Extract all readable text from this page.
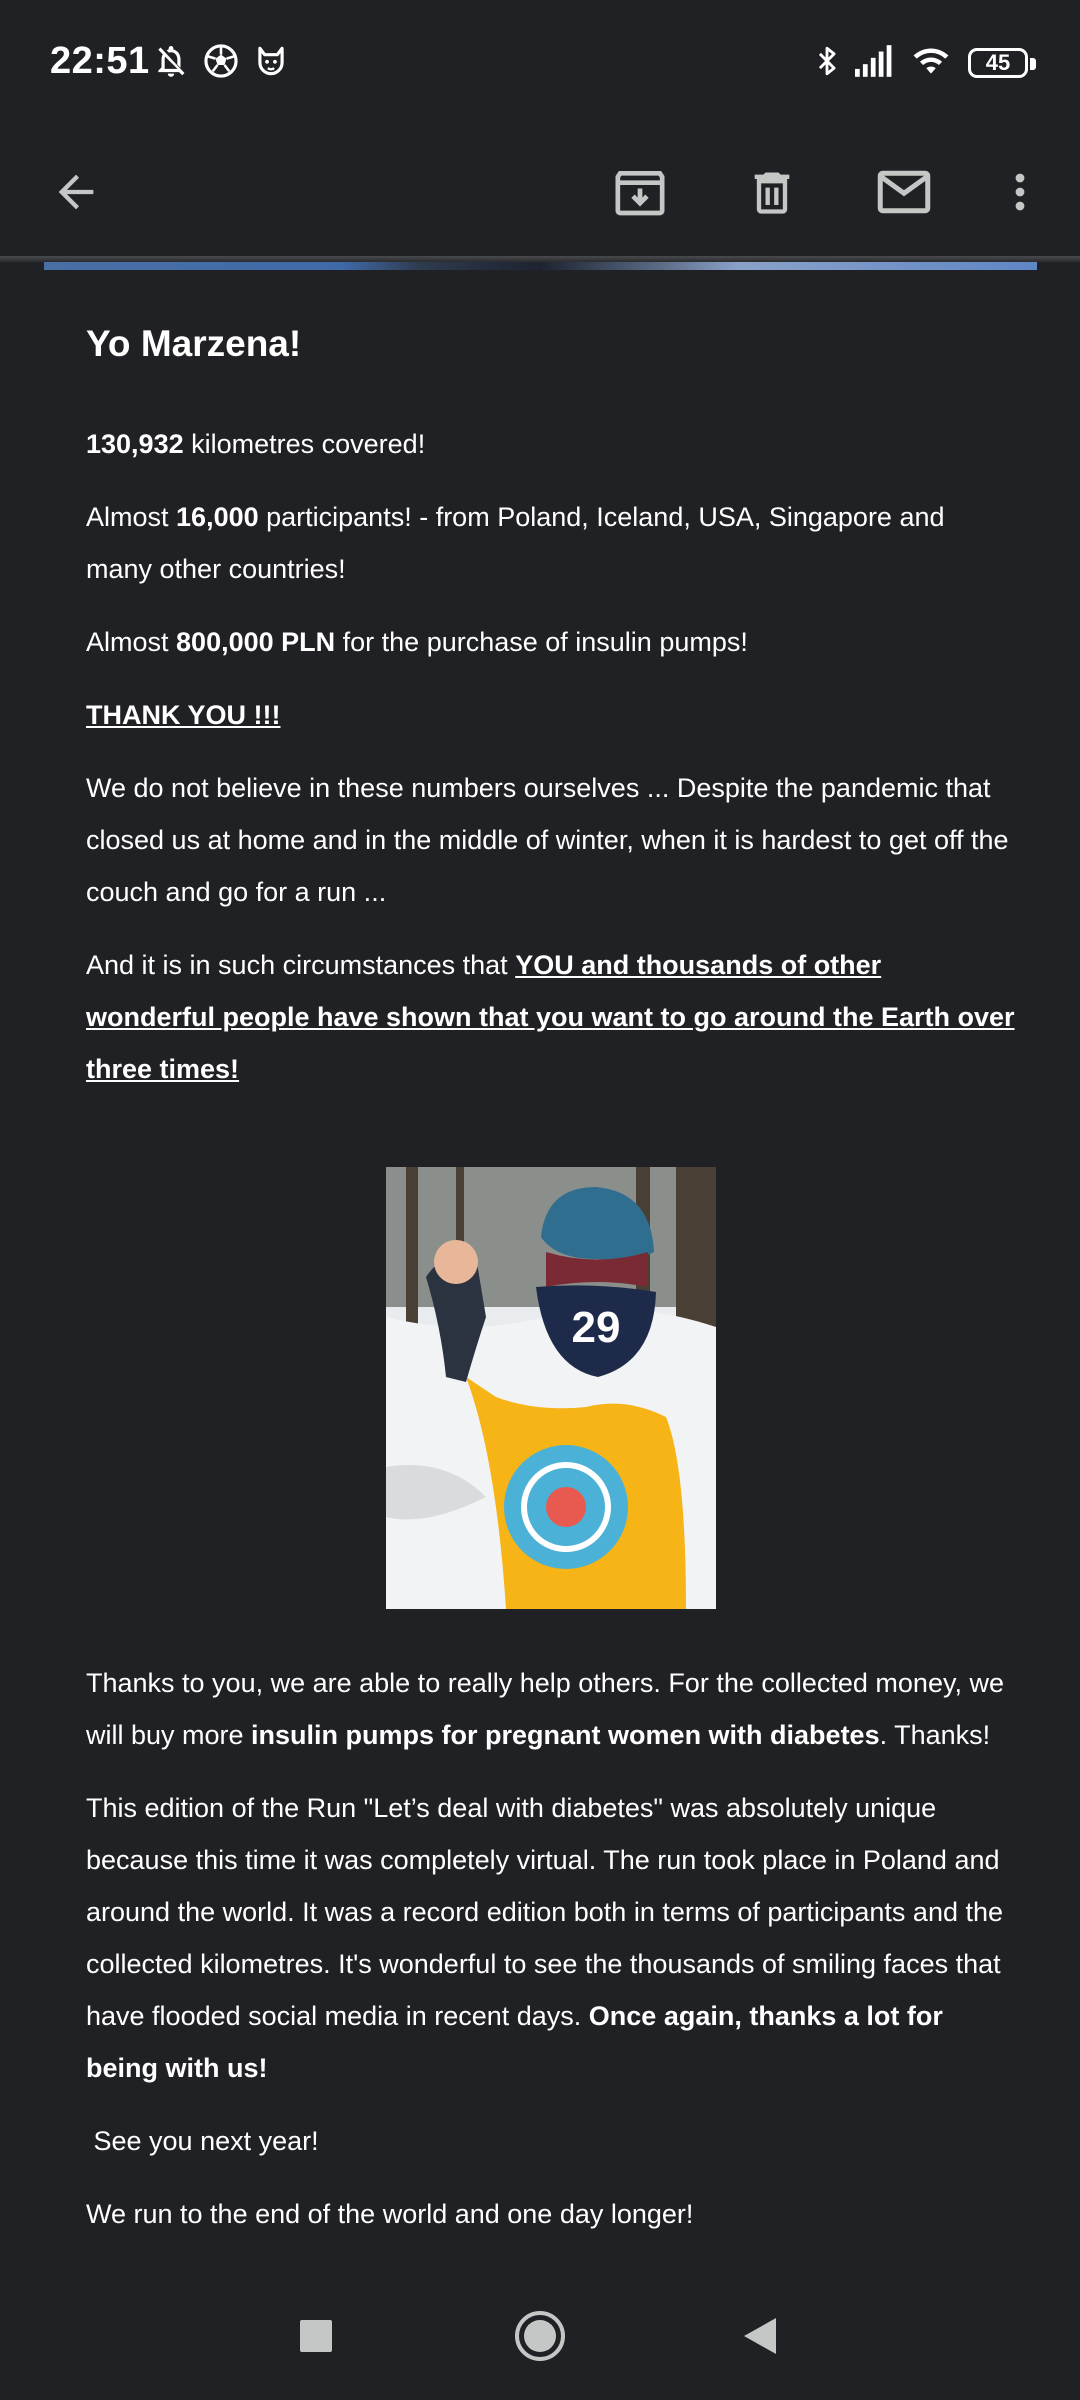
22:51	45
Yo Marzena!

130,932 kilometres covered!

Almost 16,000 participants! - from Poland, Iceland, USA, Singapore and many other countries!

Almost 800,000 PLN for the purchase of insulin pumps!

THANK YOU !!!

We do not believe in these numbers ourselves ... Despite the pandemic that closed us at home and in the middle of winter, when it is hardest to get off the couch and go for a run ...

And it is in such circumstances that YOU and thousands of other wonderful people have shown that you want to go around the Earth over three times!

29

Thanks to you, we are able to really help others. For the collected money, we will buy more insulin pumps for pregnant women with diabetes. Thanks!

This edition of the Run "Let’s deal with diabetes" was absolutely unique because this time it was completely virtual. The run took place in Poland and around the world. It was a record edition both in terms of participants and the collected kilometres. It's wonderful to see the thousands of smiling faces that have flooded social media in recent days. Once again, thanks a lot for being with us!

See you next year!

We run to the end of the world and one day longer!
